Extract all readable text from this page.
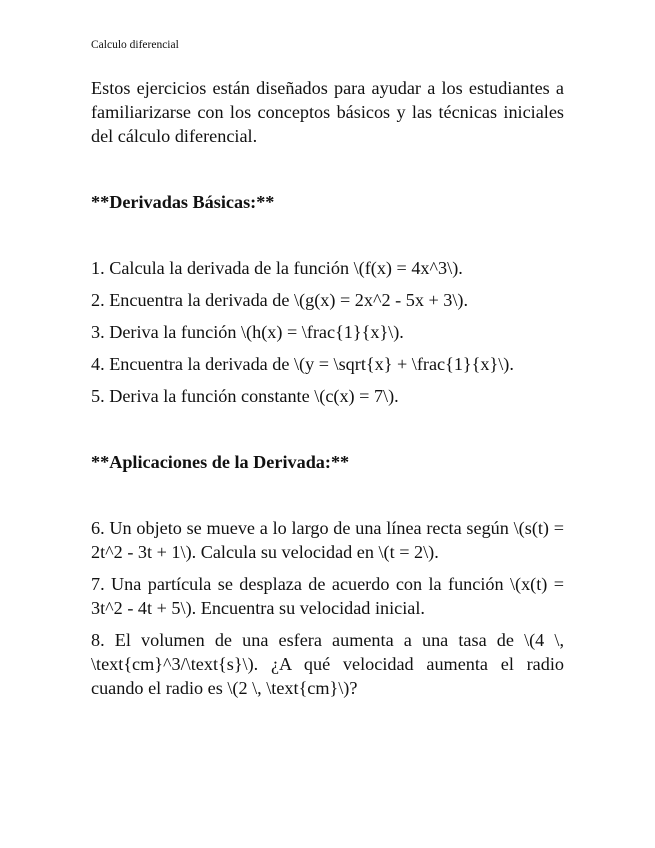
Calculo diferencial

Estos ejercicios están diseñados para ayudar a los estudiantes a familiarizarse con los conceptos básicos y las técnicas iniciales del cálculo diferencial.

**Derivadas Básicas:**

1. Calcula la derivada de la función \(f(x) = 4x^3\).

2. Encuentra la derivada de \(g(x) = 2x^2 - 5x + 3\).

3. Deriva la función \(h(x) = \frac{1}{x}\).

4. Encuentra la derivada de \(y = \sqrt{x} + \frac{1}{x}\).

5. Deriva la función constante \(c(x) = 7\).

**Aplicaciones de la Derivada:**

6. Un objeto se mueve a lo largo de una línea recta según \(s(t) = 2t^2 - 3t + 1\). Calcula su velocidad en \(t = 2\).

7. Una partícula se desplaza de acuerdo con la función \(x(t) = 3t^2 - 4t + 5\). Encuentra su velocidad inicial.

8. El volumen de una esfera aumenta a una tasa de \(4 \, \text{cm}^3/\text{s}\). ¿A qué velocidad aumenta el radio cuando el radio es \(2 \, \text{cm}\)?
